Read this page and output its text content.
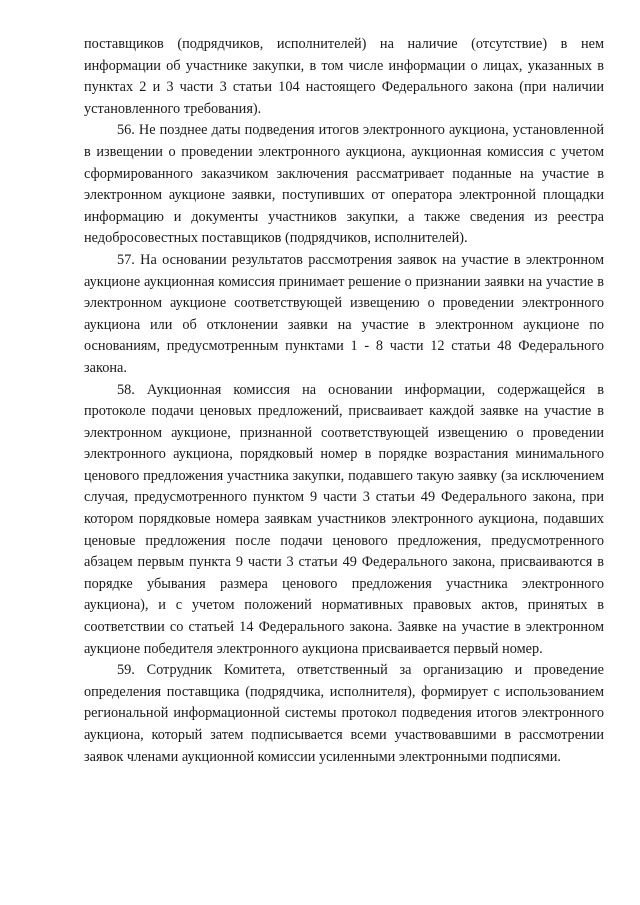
поставщиков (подрядчиков, исполнителей) на наличие (отсутствие) в нем информации об участнике закупки, в том числе информации о лицах, указанных в пунктах 2 и 3 части 3 статьи 104 настоящего Федерального закона (при наличии установленного требования).

56. Не позднее даты подведения итогов электронного аукциона, установленной в извещении о проведении электронного аукциона, аукционная комиссия с учетом сформированного заказчиком заключения рассматривает поданные на участие в электронном аукционе заявки, поступивших от оператора электронной площадки информацию и документы участников закупки, а также сведения из реестра недобросовестных поставщиков (подрядчиков, исполнителей).

57. На основании результатов рассмотрения заявок на участие в электронном аукционе аукционная комиссия принимает решение о признании заявки на участие в электронном аукционе соответствующей извещению о проведении электронного аукциона или об отклонении заявки на участие в электронном аукционе по основаниям, предусмотренным пунктами 1 - 8 части 12 статьи 48 Федерального закона.

58. Аукционная комиссия на основании информации, содержащейся в протоколе подачи ценовых предложений, присваивает каждой заявке на участие в электронном аукционе, признанной соответствующей извещению о проведении электронного аукциона, порядковый номер в порядке возрастания минимального ценового предложения участника закупки, подавшего такую заявку (за исключением случая, предусмотренного пунктом 9 части 3 статьи 49 Федерального закона, при котором порядковые номера заявкам участников электронного аукциона, подавших ценовые предложения после подачи ценового предложения, предусмотренного абзацем первым пункта 9 части 3 статьи 49 Федерального закона, присваиваются в порядке убывания размера ценового предложения участника электронного аукциона), и с учетом положений нормативных правовых актов, принятых в соответствии со статьей 14 Федерального закона. Заявке на участие в электронном аукционе победителя электронного аукциона присваивается первый номер.

59. Сотрудник Комитета, ответственный за организацию и проведение определения поставщика (подрядчика, исполнителя), формирует с использованием региональной информационной системы протокол подведения итогов электронного аукциона, который затем подписывается всеми участвовавшими в рассмотрении заявок членами аукционной комиссии усиленными электронными подписями.
